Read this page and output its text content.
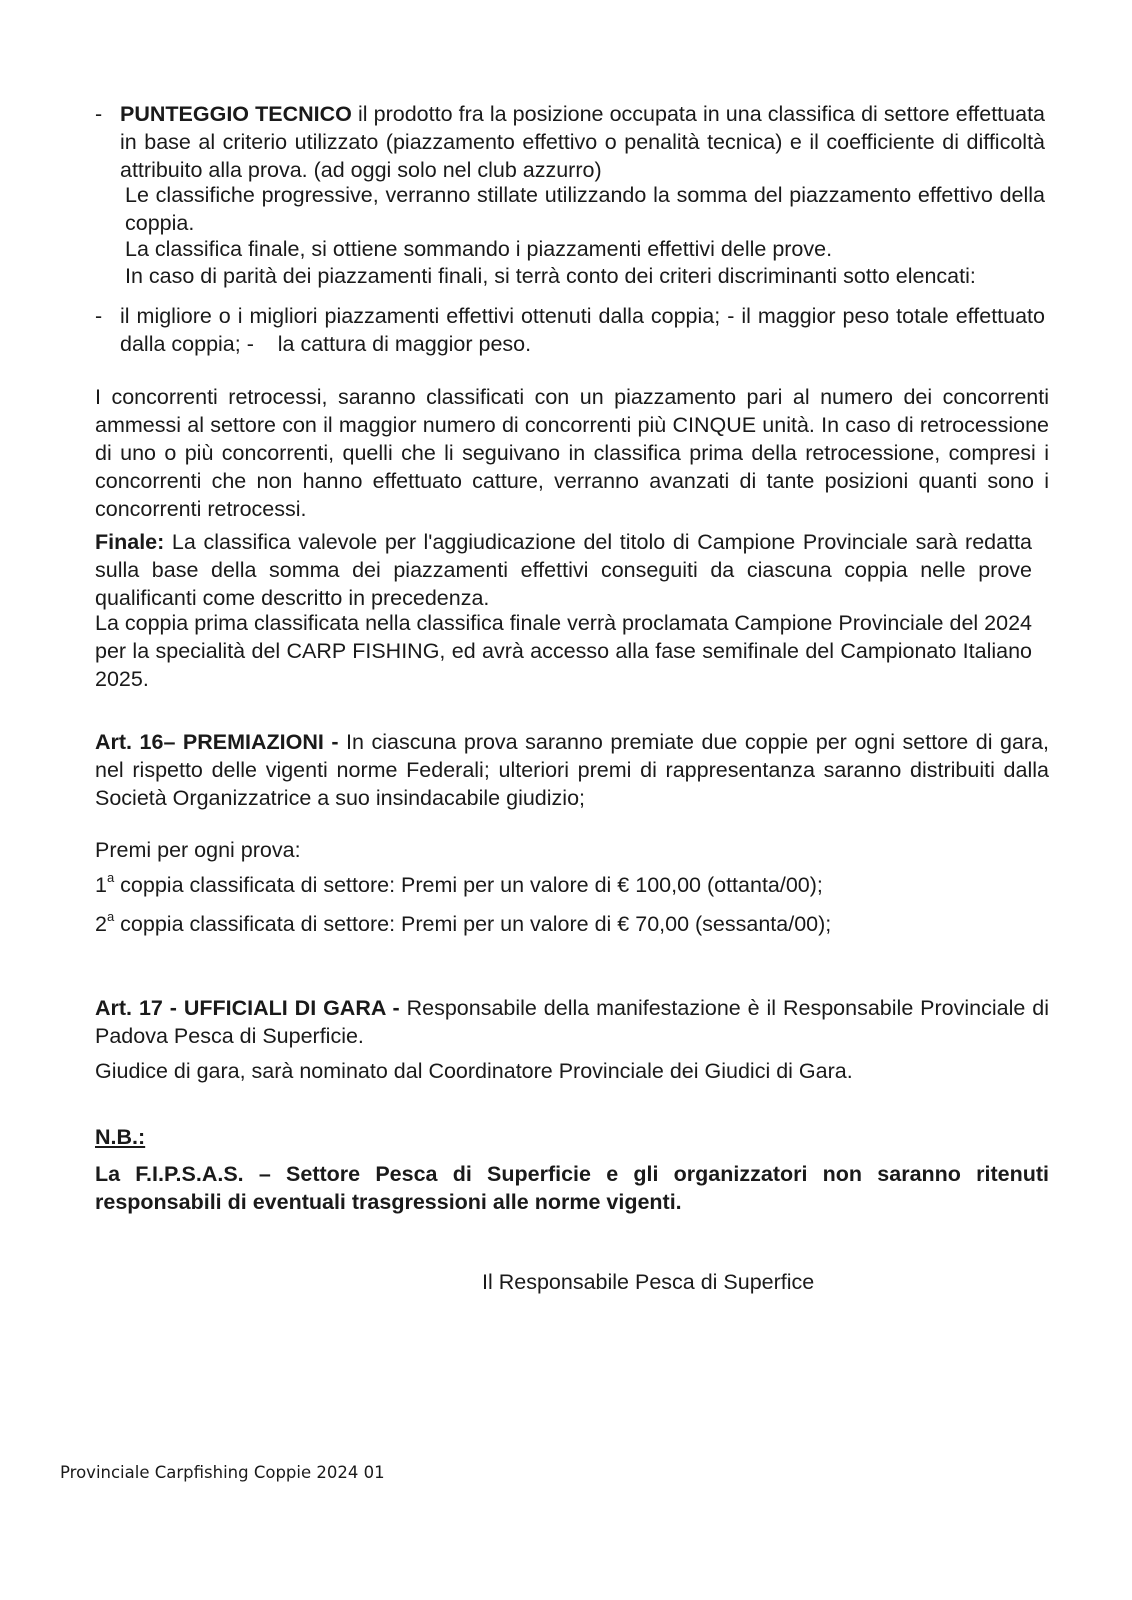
- PUNTEGGIO TECNICO il prodotto fra la posizione occupata in una classifica di settore effettuata in base al criterio utilizzato (piazzamento effettivo o penalità tecnica) e il coefficiente di difficoltà attribuito alla prova. (ad oggi solo nel club azzurro)

Le classifiche progressive, verranno stillate utilizzando la somma del piazzamento effettivo della coppia.

La classifica finale, si ottiene sommando i piazzamenti effettivi delle prove.

In caso di parità dei piazzamenti finali, si terrà conto dei criteri discriminanti sotto elencati:

- il migliore o i migliori piazzamenti effettivi ottenuti dalla coppia; - il maggior peso totale effettuato dalla coppia; -    la cattura di maggior peso.

I concorrenti retrocessi, saranno classificati con un piazzamento pari al numero dei concorrenti ammessi al settore con il maggior numero di concorrenti più CINQUE unità. In caso di retrocessione di uno o più concorrenti, quelli che li seguivano in classifica prima della retrocessione, compresi i concorrenti che non hanno effettuato catture, verranno avanzati di tante posizioni quanti sono i concorrenti retrocessi.

Finale: La classifica valevole per l'aggiudicazione del titolo di Campione Provinciale sarà redatta sulla base della somma dei piazzamenti effettivi conseguiti da ciascuna coppia nelle prove qualificanti come descritto in precedenza.

La coppia prima classificata nella classifica finale verrà proclamata Campione Provinciale del 2024 per la specialità del CARP FISHING, ed avrà accesso alla fase semifinale del Campionato Italiano 2025.

Art. 16– PREMIAZIONI - In ciascuna prova saranno premiate due coppie per ogni settore di gara, nel rispetto delle vigenti norme Federali; ulteriori premi di rappresentanza saranno distribuiti dalla Società Organizzatrice a suo insindacabile giudizio;

Premi per ogni prova:

1$^a$ coppia classificata di settore: Premi per un valore di € 100,00 (ottanta/00);

2$^a$ coppia classificata di settore: Premi per un valore di € 70,00 (sessanta/00);

Art. 17 - UFFICIALI DI GARA - Responsabile della manifestazione è il Responsabile Provinciale di Padova Pesca di Superficie.

Giudice di gara, sarà nominato dal Coordinatore Provinciale dei Giudici di Gara.

N.B.:

La F.I.P.S.A.S. – Settore Pesca di Superficie e gli organizzatori non saranno ritenuti responsabili di eventuali trasgressioni alle norme vigenti.

Il Responsabile Pesca di Superfice

Provinciale Carpfishing Coppie 2024 01
